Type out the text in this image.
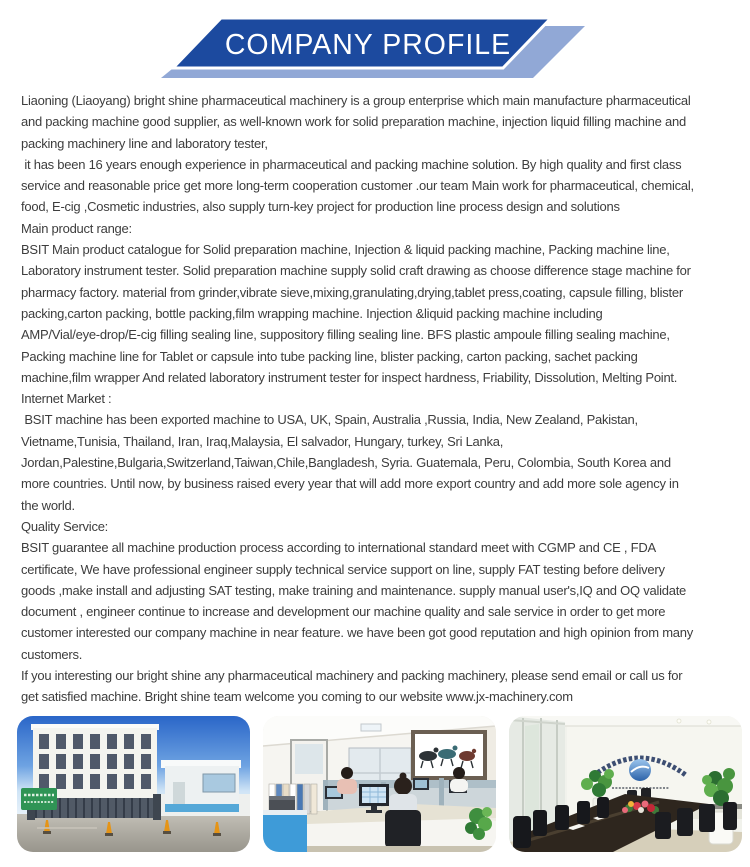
COMPANY PROFILE
Liaoning (Liaoyang) bright shine pharmaceutical machinery is a group enterprise which main manufacture pharmaceutical
and packing machine good supplier, as well-known work for solid preparation machine, injection liquid filling machine and
packing machinery line and laboratory tester,
it has been 16 years enough experience in pharmaceutical and packing machine solution. By high quality and first class
service and reasonable price get more long-term cooperation customer .our team Main work for pharmaceutical, chemical,
food, E-cig ,Cosmetic industries, also supply turn-key project for production line process design and solutions
Main product range:
BSIT Main product catalogue for Solid preparation machine, Injection & liquid packing machine, Packing machine line,
Laboratory instrument tester. Solid preparation machine supply solid craft drawing as choose difference stage machine for
pharmacy factory. material from grinder,vibrate sieve,mixing,granulating,drying,tablet press,coating, capsule filling, blister
packing,carton packing, bottle packing,film wrapping machine. Injection &liquid packing machine including
AMP/Vial/eye-drop/E-cig filling sealing line, suppository filling sealing line. BFS plastic ampoule filling sealing machine,
Packing machine line for Tablet or capsule into tube packing line, blister packing, carton packing, sachet packing
machine,film wrapper And related laboratory instrument tester for inspect hardness, Friability, Dissolution, Melting Point.
Internet Market :
BSIT machine has been exported machine to USA, UK, Spain, Australia ,Russia, India, New Zealand, Pakistan,
Vietname,Tunisia, Thailand, Iran, Iraq,Malaysia, El salvador, Hungary, turkey, Sri Lanka,
Jordan,Palestine,Bulgaria,Switzerland,Taiwan,Chile,Bangladesh, Syria. Guatemala, Peru, Colombia, South Korea and
more countries. Until now, by business raised every year that will add more export country and add more sole agency in
the world.
Quality Service:
BSIT guarantee all machine production process according to international standard meet with CGMP and CE , FDA
certificate, We have professional engineer supply technical service support on line, supply FAT testing before delivery
goods ,make install and adjusting SAT testing, make training and maintenance. supply manual user's,IQ and OQ validate
document , engineer continue to increase and development our machine quality and sale service in order to get more
customer interested our company machine in near feature. we have been got good reputation and high opinion from many
customers.
If you interesting our bright shine any pharmaceutical machinery and packing machinery, please send email or call us for
get satisfied machine. Bright shine team welcome you coming to our website www.jx-machinery.com
